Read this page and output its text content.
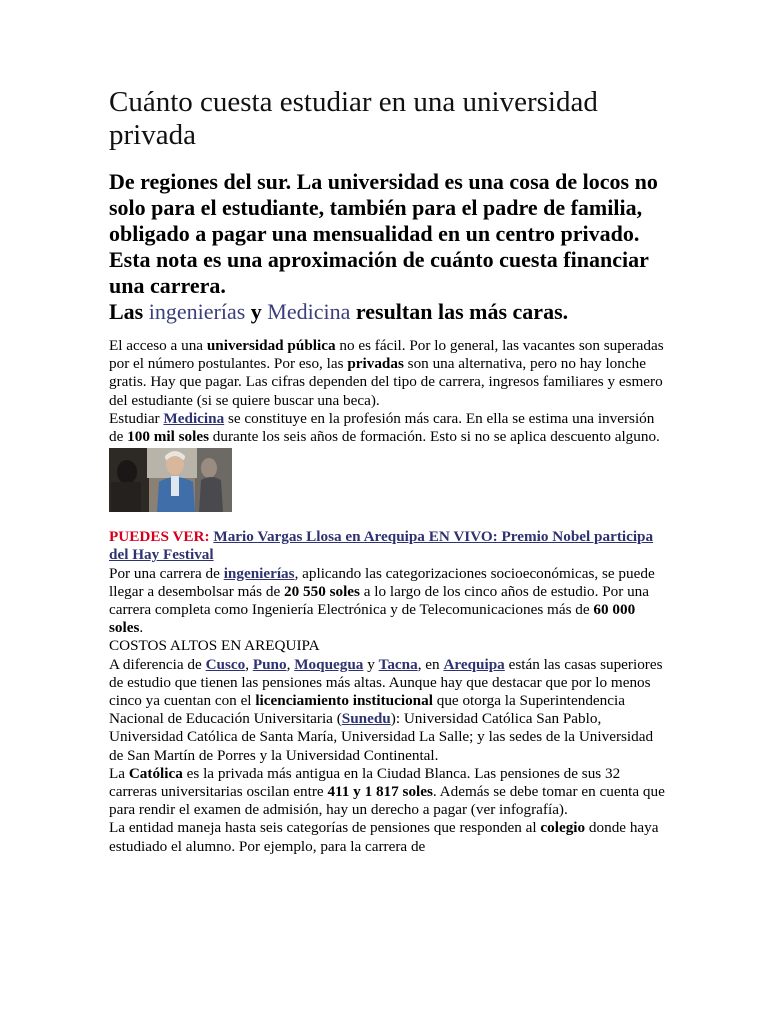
Cuánto cuesta estudiar en una universidad privada

De regiones del sur. La universidad es una cosa de locos no solo para el estudiante, también para el padre de familia, obligado a pagar una mensualidad en un centro privado. Esta nota es una aproximación de cuánto cuesta financiar una carrera.
Las ingenierías y Medicina resultan las más caras.

El acceso a una universidad pública no es fácil. Por lo general, las vacantes son superadas por el número postulantes. Por eso, las privadas son una alternativa, pero no hay lonche gratis. Hay que pagar. Las cifras dependen del tipo de carrera, ingresos familiares y esmero del estudiante (si se quiere buscar una beca).

Estudiar Medicina se constituye en la profesión más cara. En ella se estima una inversión de 100 mil soles durante los seis años de formación. Esto si no se aplica descuento alguno.

PUEDES VER: Mario Vargas Llosa en Arequipa EN VIVO: Premio Nobel participa del Hay Festival

Por una carrera de ingenierías, aplicando las categorizaciones socioeconómicas, se puede llegar a desembolsar más de 20 550 soles a lo largo de los cinco años de estudio. Por una carrera completa como Ingeniería Electrónica y de Telecomunicaciones más de 60 000 soles.

COSTOS ALTOS EN AREQUIPA

A diferencia de Cusco, Puno, Moquegua y Tacna, en Arequipa están las casas superiores de estudio que tienen las pensiones más altas. Aunque hay que destacar que por lo menos cinco ya cuentan con el licenciamiento institucional que otorga la Superintendencia Nacional de Educación Universitaria (Sunedu): Universidad Católica San Pablo, Universidad Católica de Santa María, Universidad La Salle; y las sedes de la Universidad de San Martín de Porres y la Universidad Continental.

La Católica es la privada más antigua en la Ciudad Blanca. Las pensiones de sus 32 carreras universitarias oscilan entre 411 y 1 817 soles. Además se debe tomar en cuenta que para rendir el examen de admisión, hay un derecho a pagar (ver infografía).

La entidad maneja hasta seis categorías de pensiones que responden al colegio donde haya estudiado el alumno. Por ejemplo, para la carrera de
